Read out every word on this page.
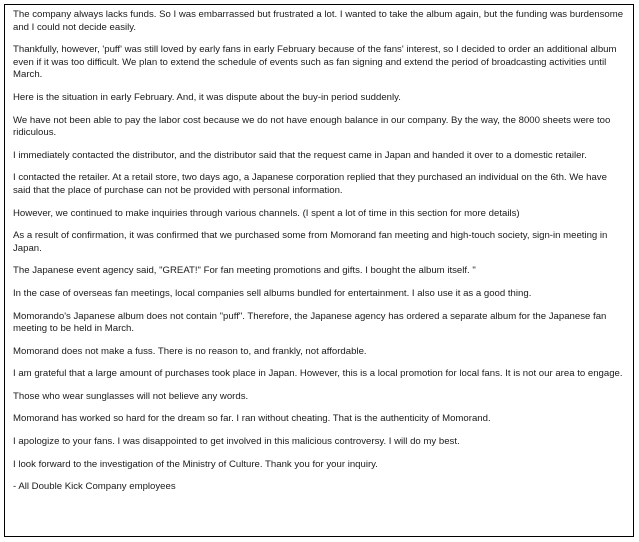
The company always lacks funds. So I was embarrassed but frustrated a lot. I wanted to take the album again, but the funding was burdensome and I could not decide easily.

Thankfully, however, 'puff' was still loved by early fans in early February because of the fans' interest, so I decided to order an additional album even if it was too difficult. We plan to extend the schedule of events such as fan signing and extend the period of broadcasting activities until March.

Here is the situation in early February. And, it was dispute about the buy-in period suddenly.

We have not been able to pay the labor cost because we do not have enough balance in our company. By the way, the 8000 sheets were too ridiculous.

I immediately contacted the distributor, and the distributor said that the request came in Japan and handed it over to a domestic retailer.

I contacted the retailer. At a retail store, two days ago, a Japanese corporation replied that they purchased an individual on the 6th. We have said that the place of purchase can not be provided with personal information.

However, we continued to make inquiries through various channels. (I spent a lot of time in this section for more details)

As a result of confirmation, it was confirmed that we purchased some from Momorand fan meeting and high-touch society, sign-in meeting in Japan.

The Japanese event agency said, "GREAT!" For fan meeting promotions and gifts. I bought the album itself. "

In the case of overseas fan meetings, local companies sell albums bundled for entertainment. I also use it as a good thing.

Momorando's Japanese album does not contain "puff". Therefore, the Japanese agency has ordered a separate album for the Japanese fan meeting to be held in March.

Momorand does not make a fuss. There is no reason to, and frankly, not affordable.

I am grateful that a large amount of purchases took place in Japan. However, this is a local promotion for local fans. It is not our area to engage.

Those who wear sunglasses will not believe any words.

Momorand has worked so hard for the dream so far. I ran without cheating. That is the authenticity of Momorand.

I apologize to your fans. I was disappointed to get involved in this malicious controversy. I will do my best.

I look forward to the investigation of the Ministry of Culture. Thank you for your inquiry.

- All Double Kick Company employees
